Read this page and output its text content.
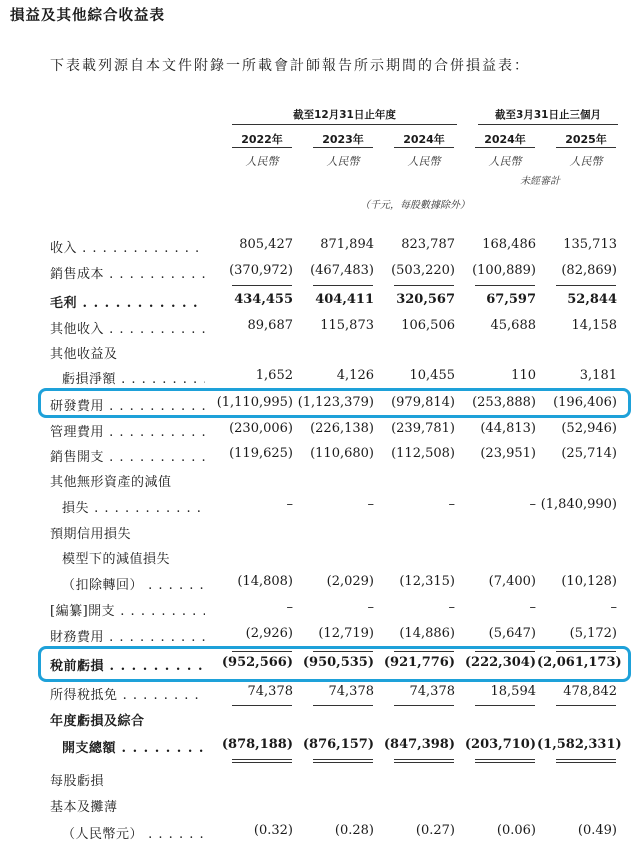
損益及其他綜合收益表
下表載列源自本文件附錄一所載會計師報告所示期間的合併損益表：
截至12月31日止年度	截至3月31日止三個月
2022年	2023年	2024年	2024年	2025年
人民幣	人民幣	人民幣	人民幣	人民幣
未經審計
（千元，每股數據除外）
收入 . . .	805,427	871,894	823,787	168,486	135,713
銷售成本 . . .	(370,972)	(467,483)	(503,220)	(100,889)	(82,869)
毛利 . . .	434,455	404,411	320,567	67,597	52,844
其他收入 . . .	89,687	115,873	106,506	45,688	14,158
其他收益及
虧損淨額 . . .	1,652	4,126	10,455	110	3,181
研發費用 . . .	(1,110,995) (1,123,379)	(979,814)	(253,888)	(196,406)
管理費用 . . .	(230,006)	(226,138)	(239,781)	(44,813)	(52,946)
銷售開支 . . .	(119,625)	(110,680)	(112,508)	(23,951)	(25,714)
其他無形資產的減值
損失 . . .	–	–	–	– (1,840,990)
預期信用損失
模型下的減值損失
（扣除轉回） . . .	(14,808)	(2,029)	(12,315)	(7,400)	(10,128)
[編纂]開支 . . .	–	–	–	–	–
財務費用 . . .	(2,926)	(12,719)	(14,886)	(5,647)	(5,172)
稅前虧損 . . .	(952,566) (950,535) (921,776) (222,304) (2,061,173)
所得稅抵免 . . .	74,378	74,378	74,378	18,594	478,842
年度虧損及綜合
開支總額 . . .	(878,188) (876,157) (847,398) (203,710) (1,582,331)
每股虧損
基本及攤薄
（人民幣元） . . .	(0.32)	(0.28)	(0.27)	(0.06)	(0.49)
